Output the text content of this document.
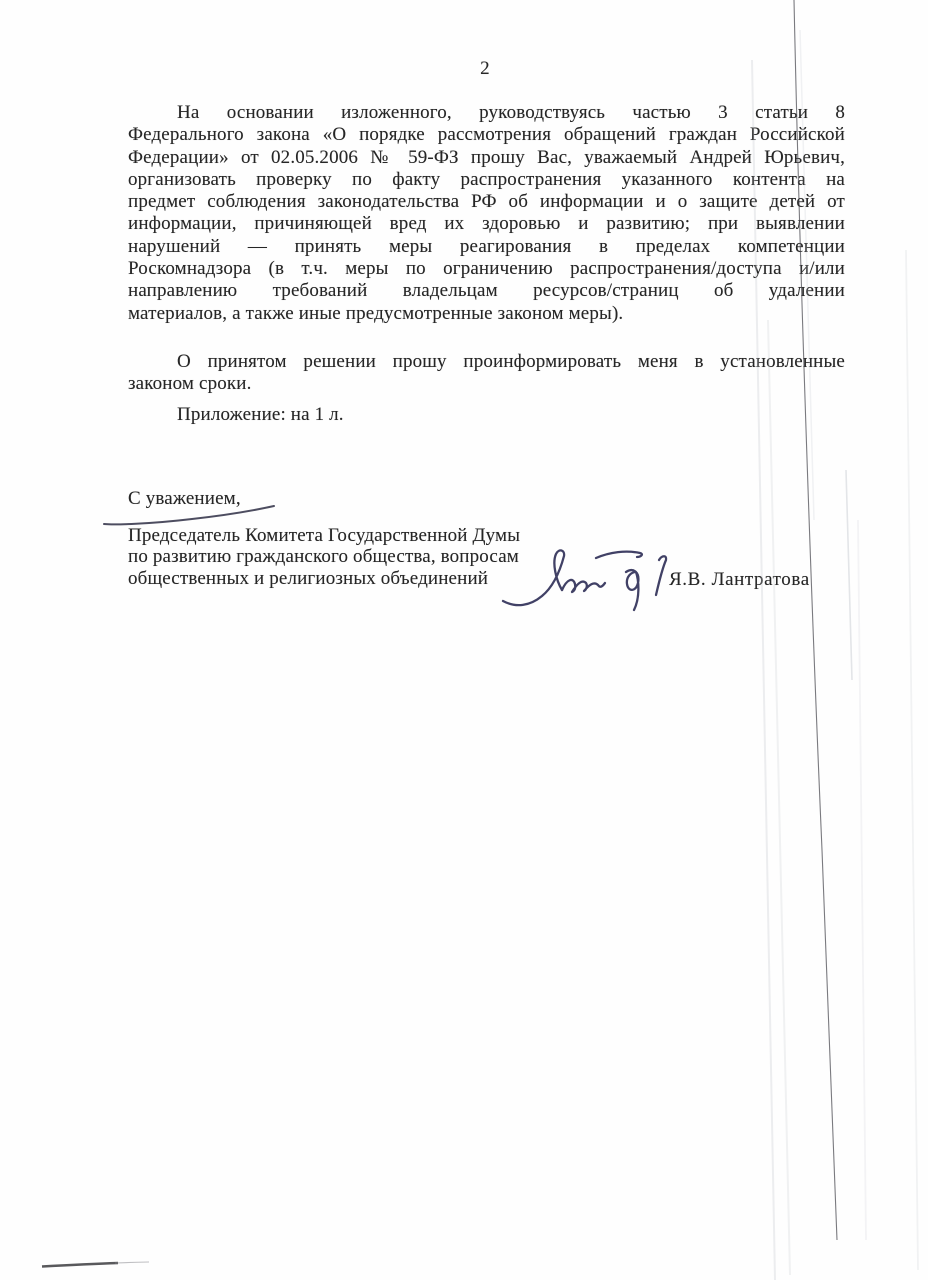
2
На основании изложенного, руководствуясь частью 3 статьи 8
Федерального закона «О порядке рассмотрения обращений граждан Российской
Федерации» от 02.05.2006 № 59-ФЗ прошу Вас, уважаемый Андрей Юрьевич,
организовать проверку по факту распространения указанного контента на
предмет соблюдения законодательства РФ об информации и о защите детей от
информации, причиняющей вред их здоровью и развитию; при выявлении
нарушений — принять меры реагирования в пределах компетенции
Роскомнадзора (в т.ч. меры по ограничению распространения/доступа и/или
направлению требований владельцам ресурсов/страниц об удалении
материалов, а также иные предусмотренные законом меры).
О принятом решении прошу проинформировать меня в установленные
законом сроки.
Приложение: на 1 л.
С уважением,
Председатель Комитета Государственной Думы
по развитию гражданского общества, вопросам
общественных и религиозных объединений	Я.В. Лантратова
